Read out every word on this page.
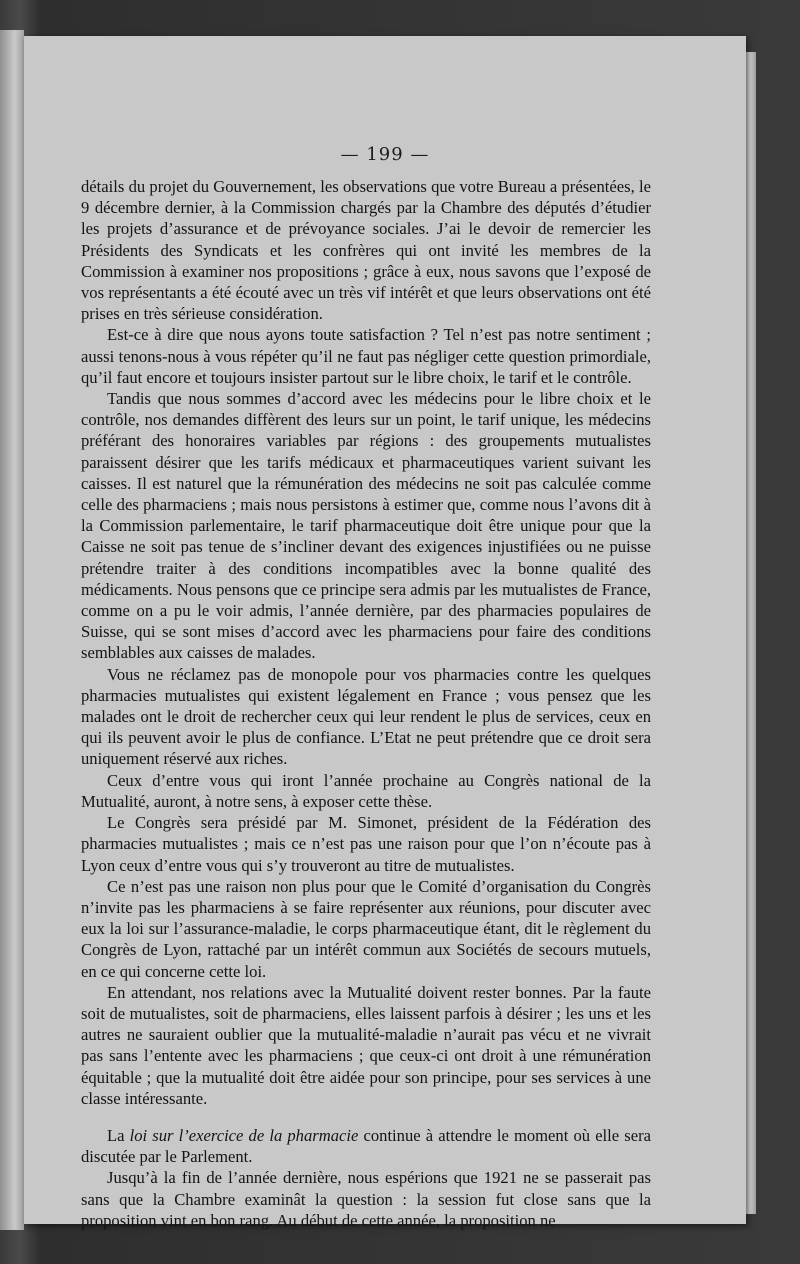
— 199 —

détails du projet du Gouvernement, les observations que votre Bureau a présentées, le 9 décembre dernier, à la Commission chargés par la Chambre des députés d’étudier les projets d’assurance et de prévoyance sociales. J’ai le devoir de remercier les Présidents des Syndicats et les confrères qui ont invité les membres de la Commission à examiner nos propositions ; grâce à eux, nous savons que l’exposé de vos représentants a été écouté avec un très vif intérêt et que leurs observations ont été prises en très sérieuse considération.

Est-ce à dire que nous ayons toute satisfaction ? Tel n’est pas notre sentiment ; aussi tenons-nous à vous répéter qu’il ne faut pas négliger cette question primordiale, qu’il faut encore et toujours insister partout sur le libre choix, le tarif et le contrôle.

Tandis que nous sommes d’accord avec les médecins pour le libre choix et le contrôle, nos demandes diffèrent des leurs sur un point, le tarif unique, les médecins préférant des honoraires variables par régions : des groupements mutualistes paraissent désirer que les tarifs médicaux et pharmaceutiques varient suivant les caisses. Il est naturel que la rémunération des médecins ne soit pas calculée comme celle des pharmaciens ; mais nous persistons à estimer que, comme nous l’avons dit à la Commission parlementaire, le tarif pharmaceutique doit être unique pour que la Caisse ne soit pas tenue de s’incliner devant des exigences injustifiées ou ne puisse prétendre traiter à des conditions incompatibles avec la bonne qualité des médicaments. Nous pensons que ce principe sera admis par les mutualistes de France, comme on a pu le voir admis, l’année dernière, par des pharmacies populaires de Suisse, qui se sont mises d’accord avec les pharmaciens pour faire des conditions semblables aux caisses de malades.

Vous ne réclamez pas de monopole pour vos pharmacies contre les quelques pharmacies mutualistes qui existent légalement en France ; vous pensez que les malades ont le droit de rechercher ceux qui leur rendent le plus de services, ceux en qui ils peuvent avoir le plus de confiance. L’Etat ne peut prétendre que ce droit sera uniquement réservé aux riches.

Ceux d’entre vous qui iront l’année prochaine au Congrès national de la Mutualité, auront, à notre sens, à exposer cette thèse.

Le Congrès sera présidé par M. Simonet, président de la Fédération des pharmacies mutualistes ; mais ce n’est pas une raison pour que l’on n’écoute pas à Lyon ceux d’entre vous qui s’y trouveront au titre de mutualistes.

Ce n’est pas une raison non plus pour que le Comité d’organisation du Congrès n’invite pas les pharmaciens à se faire représenter aux réunions, pour discuter avec eux la loi sur l’assurance-maladie, le corps pharmaceutique étant, dit le règlement du Congrès de Lyon, rattaché par un intérêt commun aux Sociétés de secours mutuels, en ce qui concerne cette loi.

En attendant, nos relations avec la Mutualité doivent rester bonnes. Par la faute soit de mutualistes, soit de pharmaciens, elles laissent parfois à désirer ; les uns et les autres ne sauraient oublier que la mutualité-maladie n’aurait pas vécu et ne vivrait pas sans l’entente avec les pharmaciens ; que ceux-ci ont droit à une rémunération équitable ; que la mutualité doit être aidée pour son principe, pour ses services à une classe intéressante.

La loi sur l’exercice de la pharmacie continue à attendre le moment où elle sera discutée par le Parlement.

Jusqu’à la fin de l’année dernière, nous espérions que 1921 ne se passerait pas sans que la Chambre examinât la question : la session fut close sans que la proposition vint en bon rang. Au début de cette année, la proposition ne
